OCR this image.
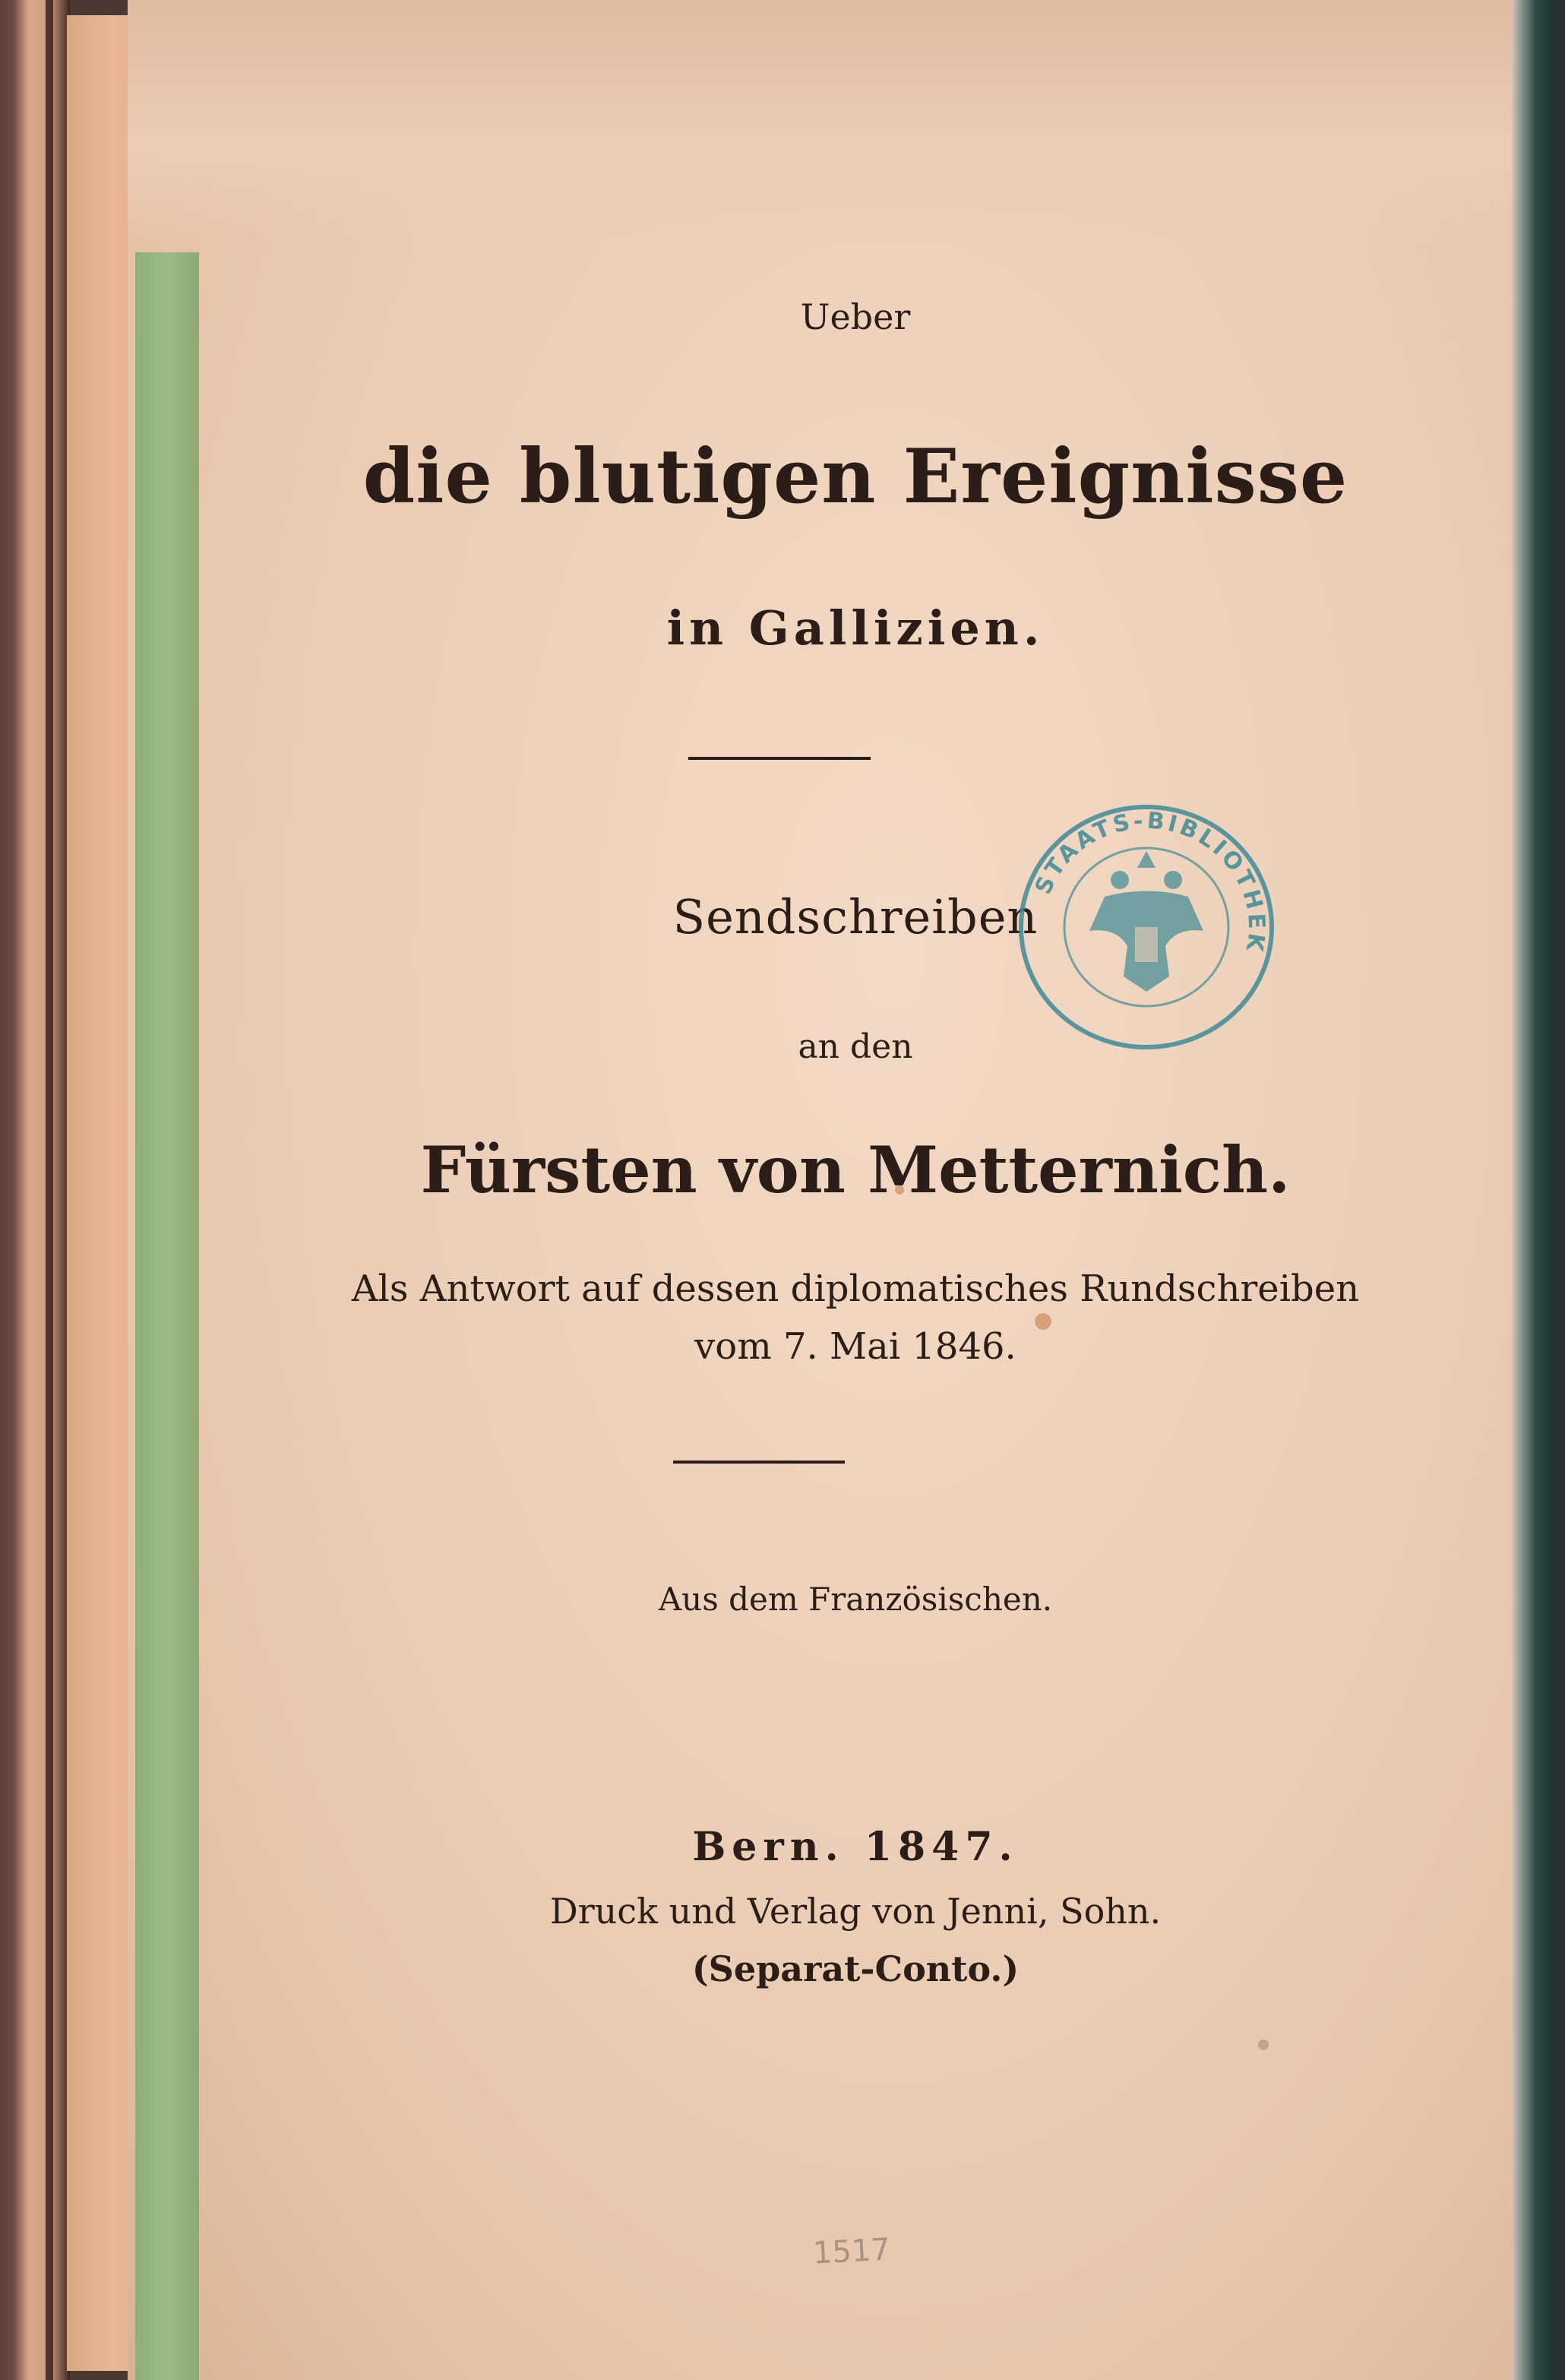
Ueber
die blutigen Ereignisse
in Gallizien.
Sendschreiben
an den
Fürsten von Metternich.
Als Antwort auf dessen diplomatisches Rundschreiben
vom 7. Mai 1846.
Aus dem Französischen.
Bern. 1847.
Druck und Verlag von Jenni, Sohn.
(Separat-Conto.)
STAATS-BIBLIOTHEK
1517
